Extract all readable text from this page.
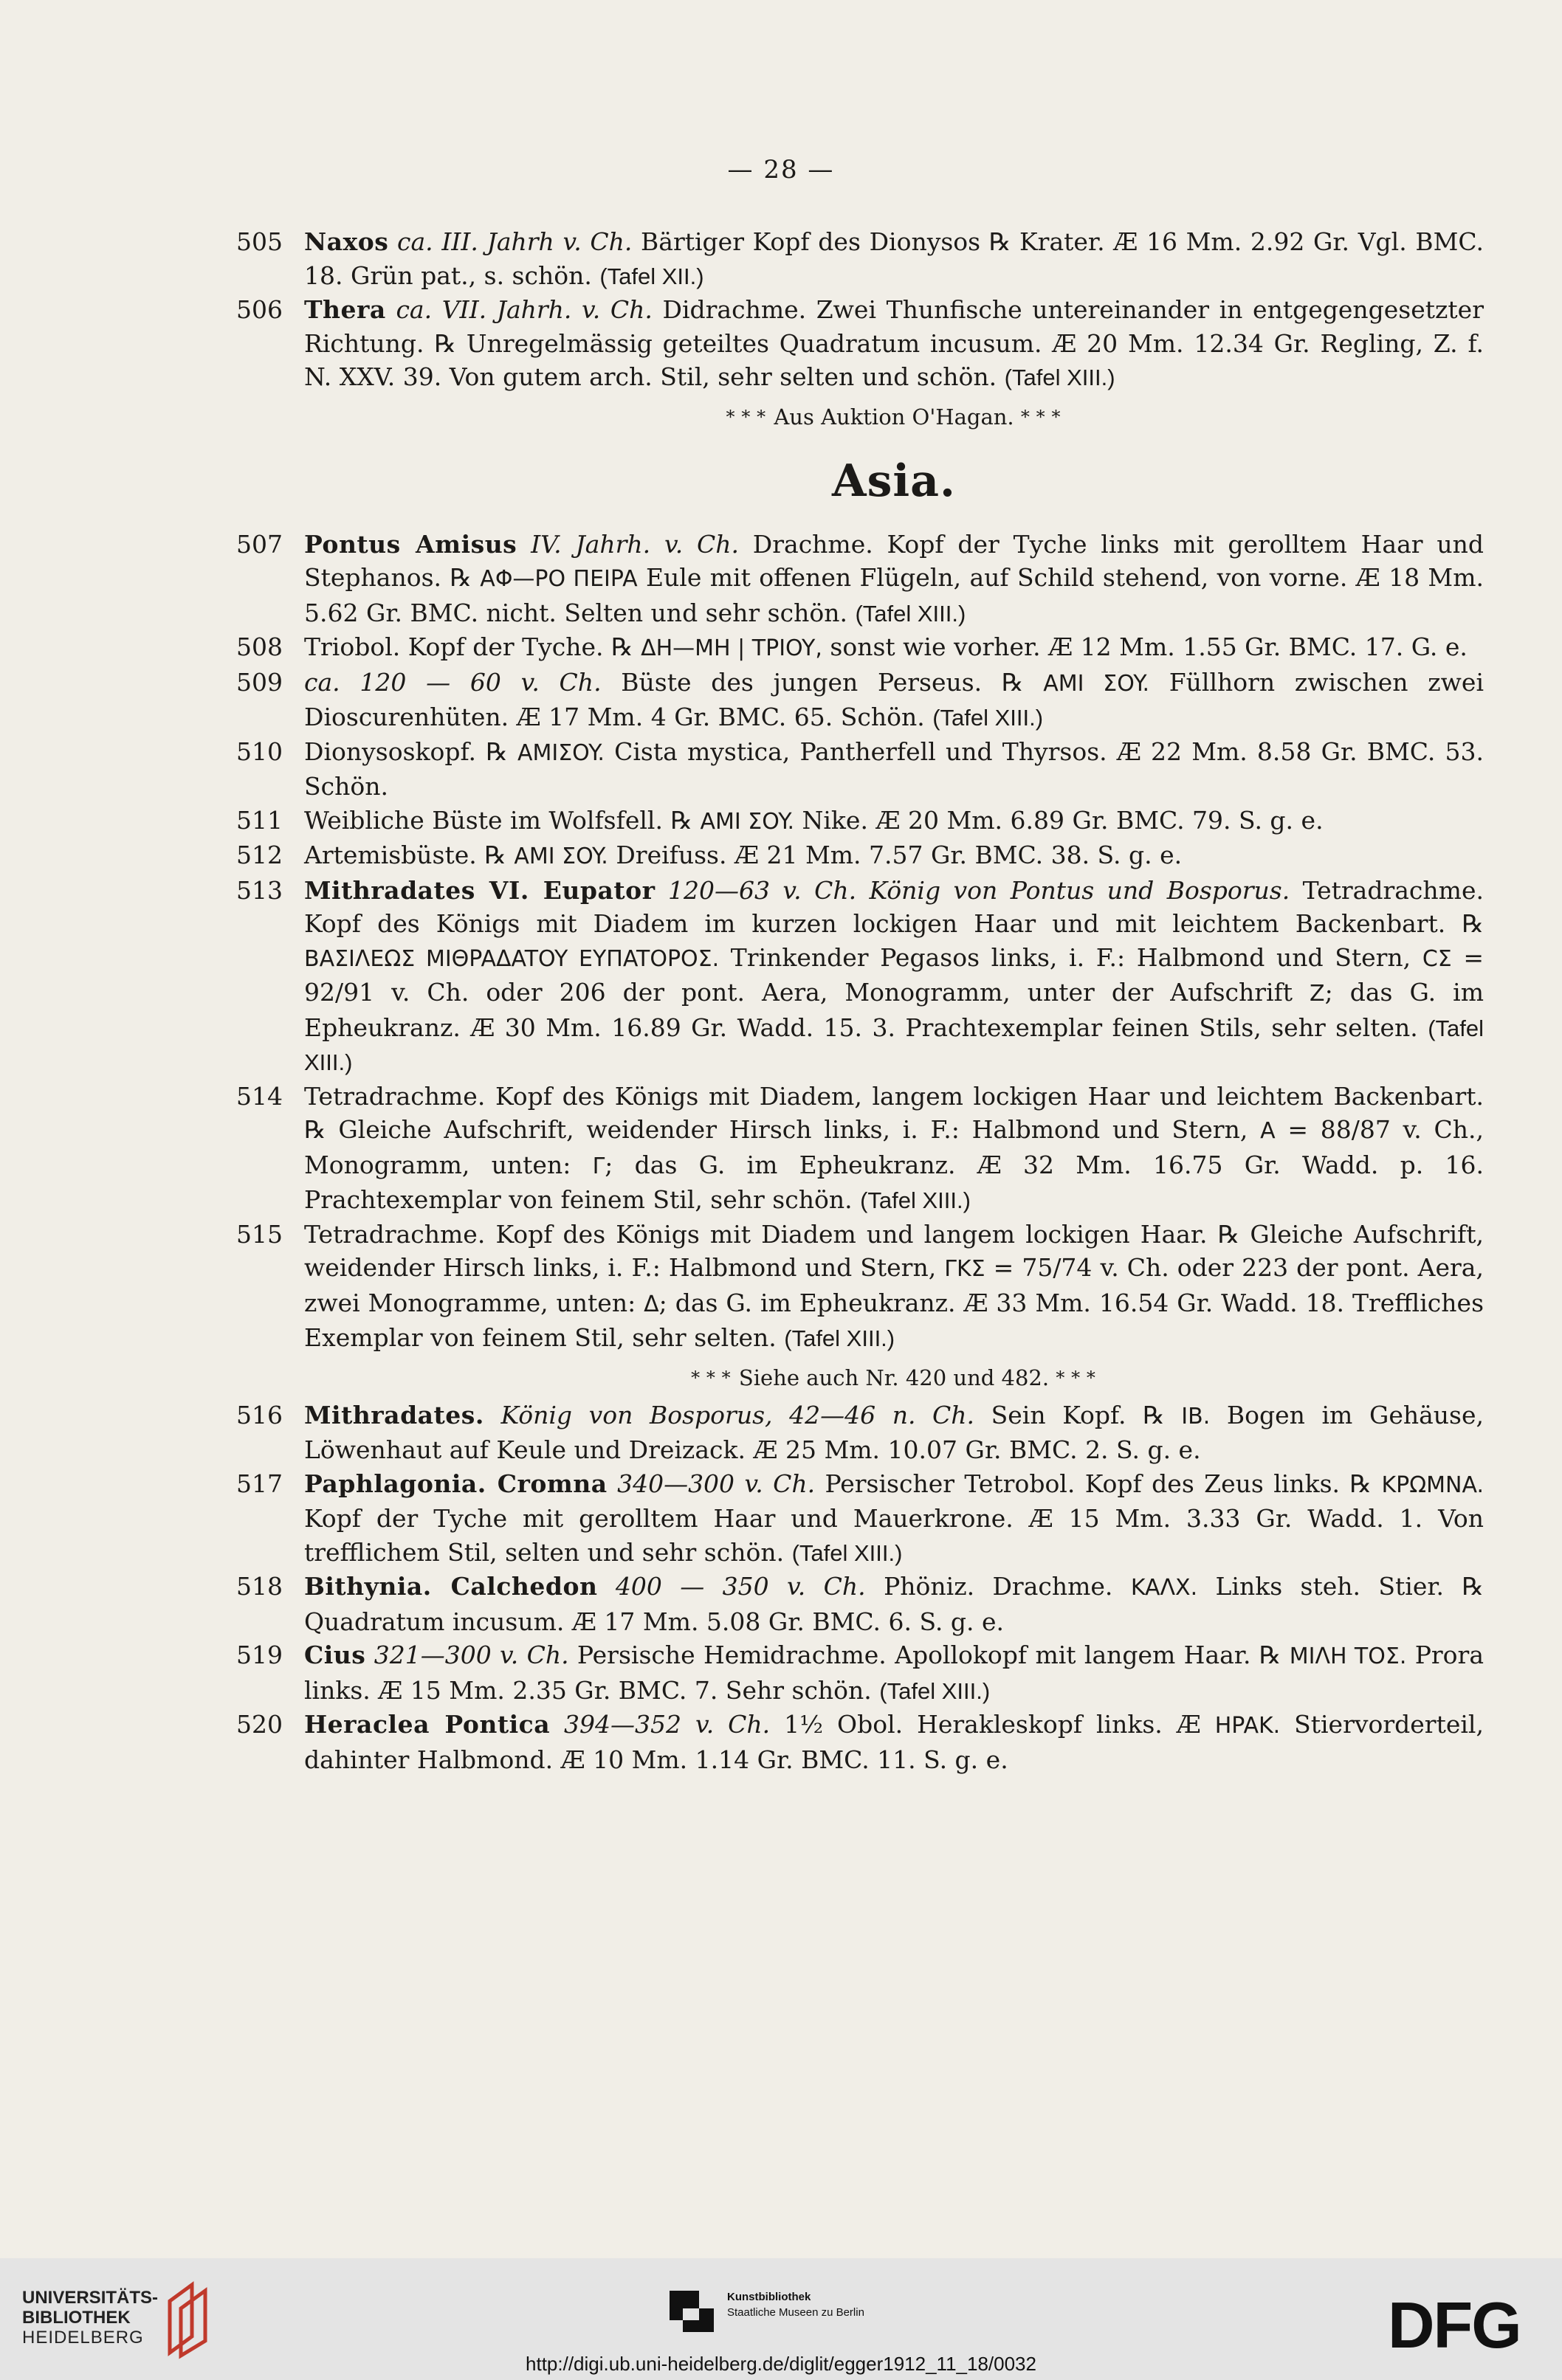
— 28 —
505 Naxos ca. III. Jahrh v. Ch. Bärtiger Kopf des Dionysos ℞ Krater. Æ 16 Mm. 2.92 Gr. Vgl. BMC. 18. Grün pat., s. schön. (Tafel XII.)
506 Thera ca. VII. Jahrh. v. Ch. Didrachme. Zwei Thunfische untereinander in entgegengesetzter Richtung. ℞ Unregelmässig geteiltes Quadratum incusum. Æ 20 Mm. 12.34 Gr. Regling, Z. f. N. XXV. 39. Von gutem arch. Stil, sehr selten und schön. (Tafel XIII.)
* * * Aus Auktion O'Hagan. * * *
Asia.
507 Pontus Amisus IV. Jahrh. v. Ch. Drachme. Kopf der Tyche links mit gerolltem Haar und Stephanos. ℞ AΦ—PO ΠEIPA Eule mit offenen Flügeln, auf Schild stehend, von vorne. Æ 18 Mm. 5.62 Gr. BMC. nicht. Selten und sehr schön. (Tafel XIII.)
508 Triobol. Kopf der Tyche. ℞ ΔH—MH | TPIOY, sonst wie vorher. Æ 12 Mm. 1.55 Gr. BMC. 17. G. e.
509 ca. 120 — 60 v. Ch. Büste des jungen Perseus. ℞ AMI ΣOY. Füllhorn zwischen zwei Dioscurenhüten. Æ 17 Mm. 4 Gr. BMC. 65. Schön. (Tafel XIII.)
510 Dionysoskopf. ℞ AMIΣOY. Cista mystica, Pantherfell und Thyrsos. Æ 22 Mm. 8.58 Gr. BMC. 53. Schön.
511 Weibliche Büste im Wolfsfell. ℞ AMI ΣOY. Nike. Æ 20 Mm. 6.89 Gr. BMC. 79. S. g. e.
512 Artemisbüste. ℞ AMI ΣOY. Dreifuss. Æ 21 Mm. 7.57 Gr. BMC. 38. S. g. e.
513 Mithradates VI. Eupator 120—63 v. Ch. König von Pontus und Bosporus. Tetradrachme. Kopf des Königs mit Diadem im kurzen lockigen Haar und mit leichtem Backenbart. ℞ BAΣIΛEΩΣ MIΘPAΔATOY EYΠATOPOΣ. Trinkender Pegasos links, i. F.: Halbmond und Stern, CΣ = 92/91 v. Ch. oder 206 der pont. Aera, Monogramm, unter der Aufschrift Z; das G. im Epheukranz. Æ 30 Mm. 16.89 Gr. Wadd. 15. 3. Prachtexemplar feinen Stils, sehr selten. (Tafel XIII.)
514 Tetradrachme. Kopf des Königs mit Diadem, langem lockigen Haar und leichtem Backenbart. ℞ Gleiche Aufschrift, weidender Hirsch links, i. F.: Halbmond und Stern, A = 88/87 v. Ch., Monogramm, unten: Γ; das G. im Epheukranz. Æ 32 Mm. 16.75 Gr. Wadd. p. 16. Prachtexemplar von feinem Stil, sehr schön. (Tafel XIII.)
515 Tetradrachme. Kopf des Königs mit Diadem und langem lockigen Haar. ℞ Gleiche Aufschrift, weidender Hirsch links, i. F.: Halbmond und Stern, ΓKΣ = 75/74 v. Ch. oder 223 der pont. Aera, zwei Monogramme, unten: Δ; das G. im Epheukranz. Æ 33 Mm. 16.54 Gr. Wadd. 18. Treffliches Exemplar von feinem Stil, sehr selten. (Tafel XIII.)
* * * Siehe auch Nr. 420 und 482. * * *
516 Mithradates. König von Bosporus, 42—46 n. Ch. Sein Kopf. ℞ IB. Bogen im Gehäuse, Löwenhaut auf Keule und Dreizack. Æ 25 Mm. 10.07 Gr. BMC. 2. S. g. e.
517 Paphlagonia. Cromna 340—300 v. Ch. Persischer Tetrobol. Kopf des Zeus links. ℞ KPΩMNA. Kopf der Tyche mit gerolltem Haar und Mauerkrone. Æ 15 Mm. 3.33 Gr. Wadd. 1. Von trefflichem Stil, selten und sehr schön. (Tafel XIII.)
518 Bithynia. Calchedon 400 — 350 v. Ch. Phöniz. Drachme. KAΛX. Links steh. Stier. ℞ Quadratum incusum. Æ 17 Mm. 5.08 Gr. BMC. 6. S. g. e.
519 Cius 321—300 v. Ch. Persische Hemidrachme. Apollokopf mit langem Haar. ℞ MIΛH TOΣ. Prora links. Æ 15 Mm. 2.35 Gr. BMC. 7. Sehr schön. (Tafel XIII.)
520 Heraclea Pontica 394—352 v. Ch. 1½ Obol. Herakleskopf links. Æ HPAK. Stiervorderteil, dahinter Halbmond. Æ 10 Mm. 1.14 Gr. BMC. 11. S. g. e.
UNIVERSITÄTS-
BIBLIOTHEK
HEIDELBERG
Kunstbibliothek
Staatliche Museen zu Berlin	DFG
http://digi.ub.uni-heidelberg.de/diglit/egger1912_11_18/0032
